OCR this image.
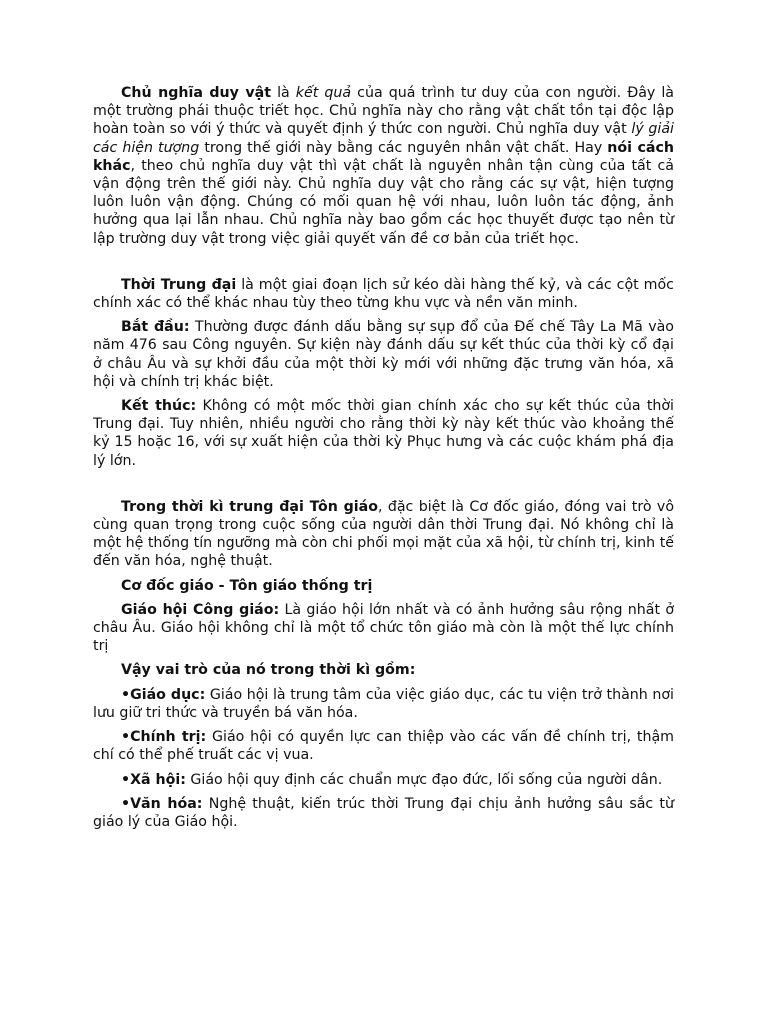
Chủ nghĩa duy vật là kết quả của quá trình tư duy của con người. Đây là một trường phái thuộc triết học. Chủ nghĩa này cho rằng vật chất tồn tại độc lập hoàn toàn so với ý thức và quyết định ý thức con người. Chủ nghĩa duy vật lý giải các hiện tượng trong thế giới này bằng các nguyên nhân vật chất. Hay nói cách khác, theo chủ nghĩa duy vật thì vật chất là nguyên nhân tận cùng của tất cả vận động trên thế giới này. Chủ nghĩa duy vật cho rằng các sự vật, hiện tượng luôn luôn vận động. Chúng có mối quan hệ với nhau, luôn luôn tác động, ảnh hưởng qua lại lẫn nhau. Chủ nghĩa này bao gồm các học thuyết được tạo nên từ lập trường duy vật trong việc giải quyết vấn đề cơ bản của triết học.

Thời Trung đại là một giai đoạn lịch sử kéo dài hàng thế kỷ, và các cột mốc chính xác có thể khác nhau tùy theo từng khu vực và nền văn minh.

Bắt đầu: Thường được đánh dấu bằng sự sụp đổ của Đế chế Tây La Mã vào năm 476 sau Công nguyên. Sự kiện này đánh dấu sự kết thúc của thời kỳ cổ đại ở châu Âu và sự khởi đầu của một thời kỳ mới với những đặc trưng văn hóa, xã hội và chính trị khác biệt.

Kết thúc: Không có một mốc thời gian chính xác cho sự kết thúc của thời Trung đại. Tuy nhiên, nhiều người cho rằng thời kỳ này kết thúc vào khoảng thế kỷ 15 hoặc 16, với sự xuất hiện của thời kỳ Phục hưng và các cuộc khám phá địa lý lớn.

Trong thời kì trung đại Tôn giáo, đặc biệt là Cơ đốc giáo, đóng vai trò vô cùng quan trọng trong cuộc sống của người dân thời Trung đại. Nó không chỉ là một hệ thống tín ngưỡng mà còn chi phối mọi mặt của xã hội, từ chính trị, kinh tế đến văn hóa, nghệ thuật.

Cơ đốc giáo - Tôn giáo thống trị

Giáo hội Công giáo: Là giáo hội lớn nhất và có ảnh hưởng sâu rộng nhất ở châu Âu. Giáo hội không chỉ là một tổ chức tôn giáo mà còn là một thế lực chính trị

Vậy vai trò của nó trong thời kì gồm:

•Giáo dục: Giáo hội là trung tâm của việc giáo dục, các tu viện trở thành nơi lưu giữ tri thức và truyền bá văn hóa.

•Chính trị: Giáo hội có quyền lực can thiệp vào các vấn đề chính trị, thậm chí có thể phế truất các vị vua.

•Xã hội: Giáo hội quy định các chuẩn mực đạo đức, lối sống của người dân.

•Văn hóa: Nghệ thuật, kiến trúc thời Trung đại chịu ảnh hưởng sâu sắc từ giáo lý của Giáo hội.
